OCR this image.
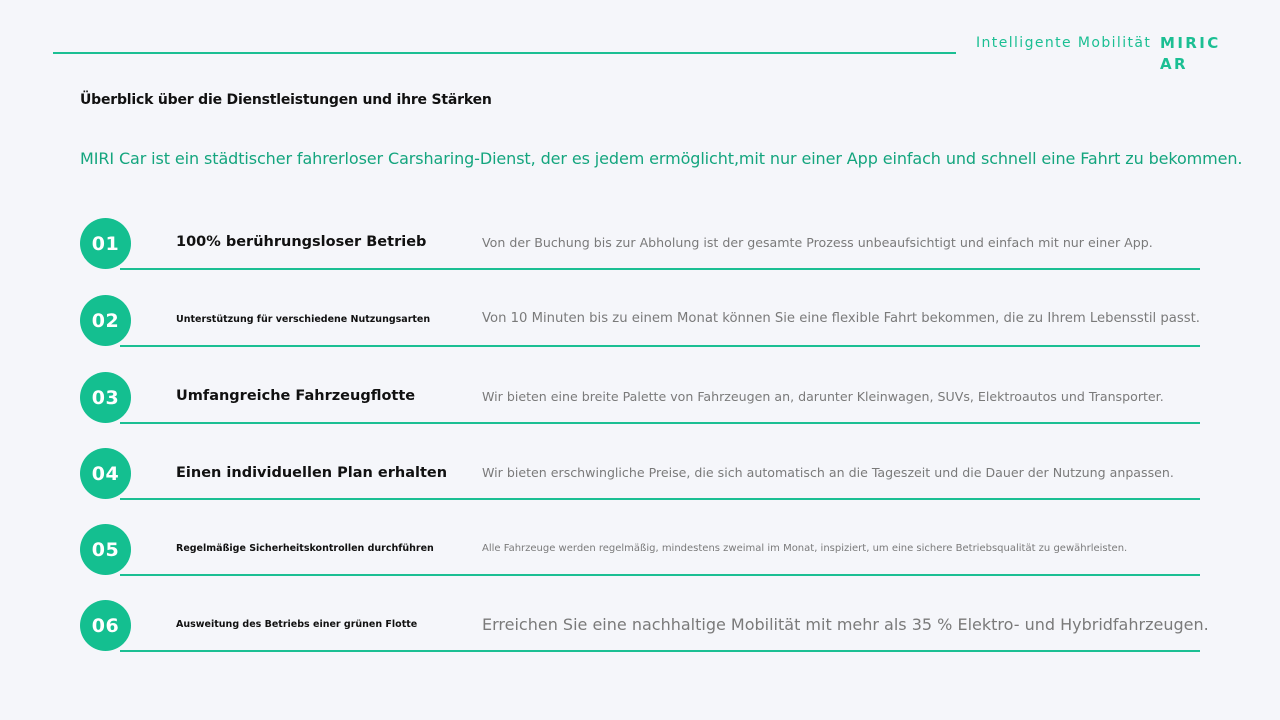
Intelligente Mobilität MIRICAR
Überblick über die Dienstleistungen und ihre Stärken
MIRI Car ist ein städtischer fahrerloser Carsharing-Dienst, der es jedem ermöglicht,mit nur einer App einfach und schnell eine Fahrt zu bekommen.
01	100% berührungsloser Betrieb	Von der Buchung bis zur Abholung ist der gesamte Prozess unbeaufsichtigt und einfach mit nur einer App.
02	Unterstützung für verschiedene Nutzungsarten	Von 10 Minuten bis zu einem Monat können Sie eine flexible Fahrt bekommen, die zu Ihrem Lebensstil passt.
03	Umfangreiche Fahrzeugflotte	Wir bieten eine breite Palette von Fahrzeugen an, darunter Kleinwagen, SUVs, Elektroautos und Transporter.
04	Einen individuellen Plan erhalten	Wir bieten erschwingliche Preise, die sich automatisch an die Tageszeit und die Dauer der Nutzung anpassen.
05	Regelmäßige Sicherheitskontrollen durchführen	Alle Fahrzeuge werden regelmäßig, mindestens zweimal im Monat, inspiziert, um eine sichere Betriebsqualität zu gewährleisten.
06	Ausweitung des Betriebs einer grünen Flotte	Erreichen Sie eine nachhaltige Mobilität mit mehr als 35 % Elektro- und Hybridfahrzeugen.
